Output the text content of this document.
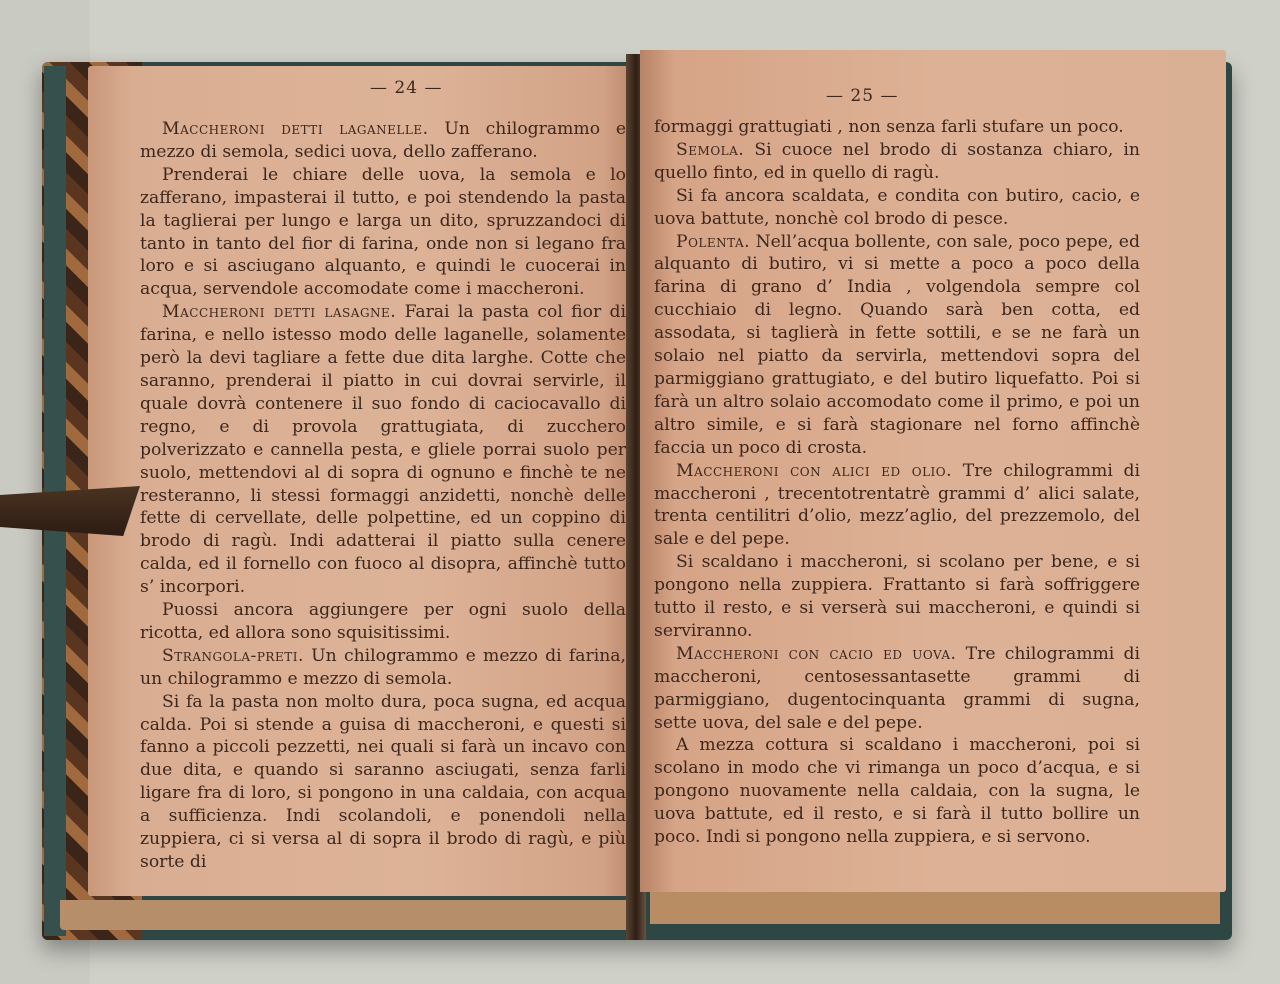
— 24 —

Maccheroni detti laganelle. Un chilogrammo e mezzo di semola, sedici uova, dello zafferano.

Prenderai le chiare delle uova, la semola e lo zafferano, impasterai il tutto, e poi stendendo la pasta la taglierai per lungo e larga un dito, spruzzandoci di tanto in tanto del fior di farina, onde non si legano fra loro e si asciugano alquanto, e quindi le cuocerai in acqua, servendole accomodate come i maccheroni.

Maccheroni detti lasagne. Farai la pasta col fior di farina, e nello istesso modo delle laganelle, solamente però la devi tagliare a fette due dita larghe. Cotte che saranno, prenderai il piatto in cui dovrai servirle, il quale dovrà contenere il suo fondo di caciocavallo di regno, e di provola grattugiata, di zucchero polverizzato e cannella pesta, e gliele porrai suolo per suolo, mettendovi al di sopra di ognuno e finchè te ne resteranno, li stessi formaggi anzidetti, nonchè delle fette di cervellate, delle polpettine, ed un coppino di brodo di ragù. Indi adatterai il piatto sulla cenere calda, ed il fornello con fuoco al disopra, affinchè tutto s’ incorpori.

Puossi ancora aggiungere per ogni suolo della ricotta, ed allora sono squisitissimi.

Strangola-preti. Un chilogrammo e mezzo di farina, un chilogrammo e mezzo di semola.

Si fa la pasta non molto dura, poca sugna, ed acqua calda. Poi si stende a guisa di maccheroni, e questi si fanno a piccoli pezzetti, nei quali si farà un incavo con due dita, e quando si saranno asciugati, senza farli ligare fra di loro, si pongono in una caldaia, con acqua a sufficienza. Indi scolandoli, e ponendoli nella zuppiera, ci si versa al di sopra il brodo di ragù, e più sorte di

— 25 —

formaggi grattugiati , non senza farli stufare un poco.

Semola. Si cuoce nel brodo di sostanza chiaro, in quello finto, ed in quello di ragù.

Si fa ancora scaldata, e condita con butiro, cacio, e uova battute, nonchè col brodo di pesce.

Polenta. Nell’acqua bollente, con sale, poco pepe, ed alquanto di butiro, vi si mette a poco a poco della farina di grano d’ India , volgendola sempre col cucchiaio di legno. Quando sarà ben cotta, ed assodata, si taglierà in fette sottili, e se ne farà un solaio nel piatto da servirla, mettendovi sopra del parmiggiano grattugiato, e del butiro liquefatto. Poi si farà un altro solaio accomodato come il primo, e poi un altro simile, e si farà stagionare nel forno affinchè faccia un poco di crosta.

Maccheroni con alici ed olio. Tre chilogrammi di maccheroni , trecentotrentatrè grammi d’ alici salate, trenta centilitri d’olio, mezz’aglio, del prezzemolo, del sale e del pepe.

Si scaldano i maccheroni, si scolano per bene, e si pongono nella zuppiera. Frattanto si farà soffriggere tutto il resto, e si verserà sui maccheroni, e quindi si serviranno.

Maccheroni con cacio ed uova. Tre chilogrammi di maccheroni, centosessantasette grammi di parmiggiano, dugentocinquanta grammi di sugna, sette uova, del sale e del pepe.

A mezza cottura si scaldano i maccheroni, poi si scolano in modo che vi rimanga un poco d’acqua, e si pongono nuovamente nella caldaia, con la sugna, le uova battute, ed il resto, e si farà il tutto bollire un poco. Indi si pongono nella zuppiera, e si servono.
